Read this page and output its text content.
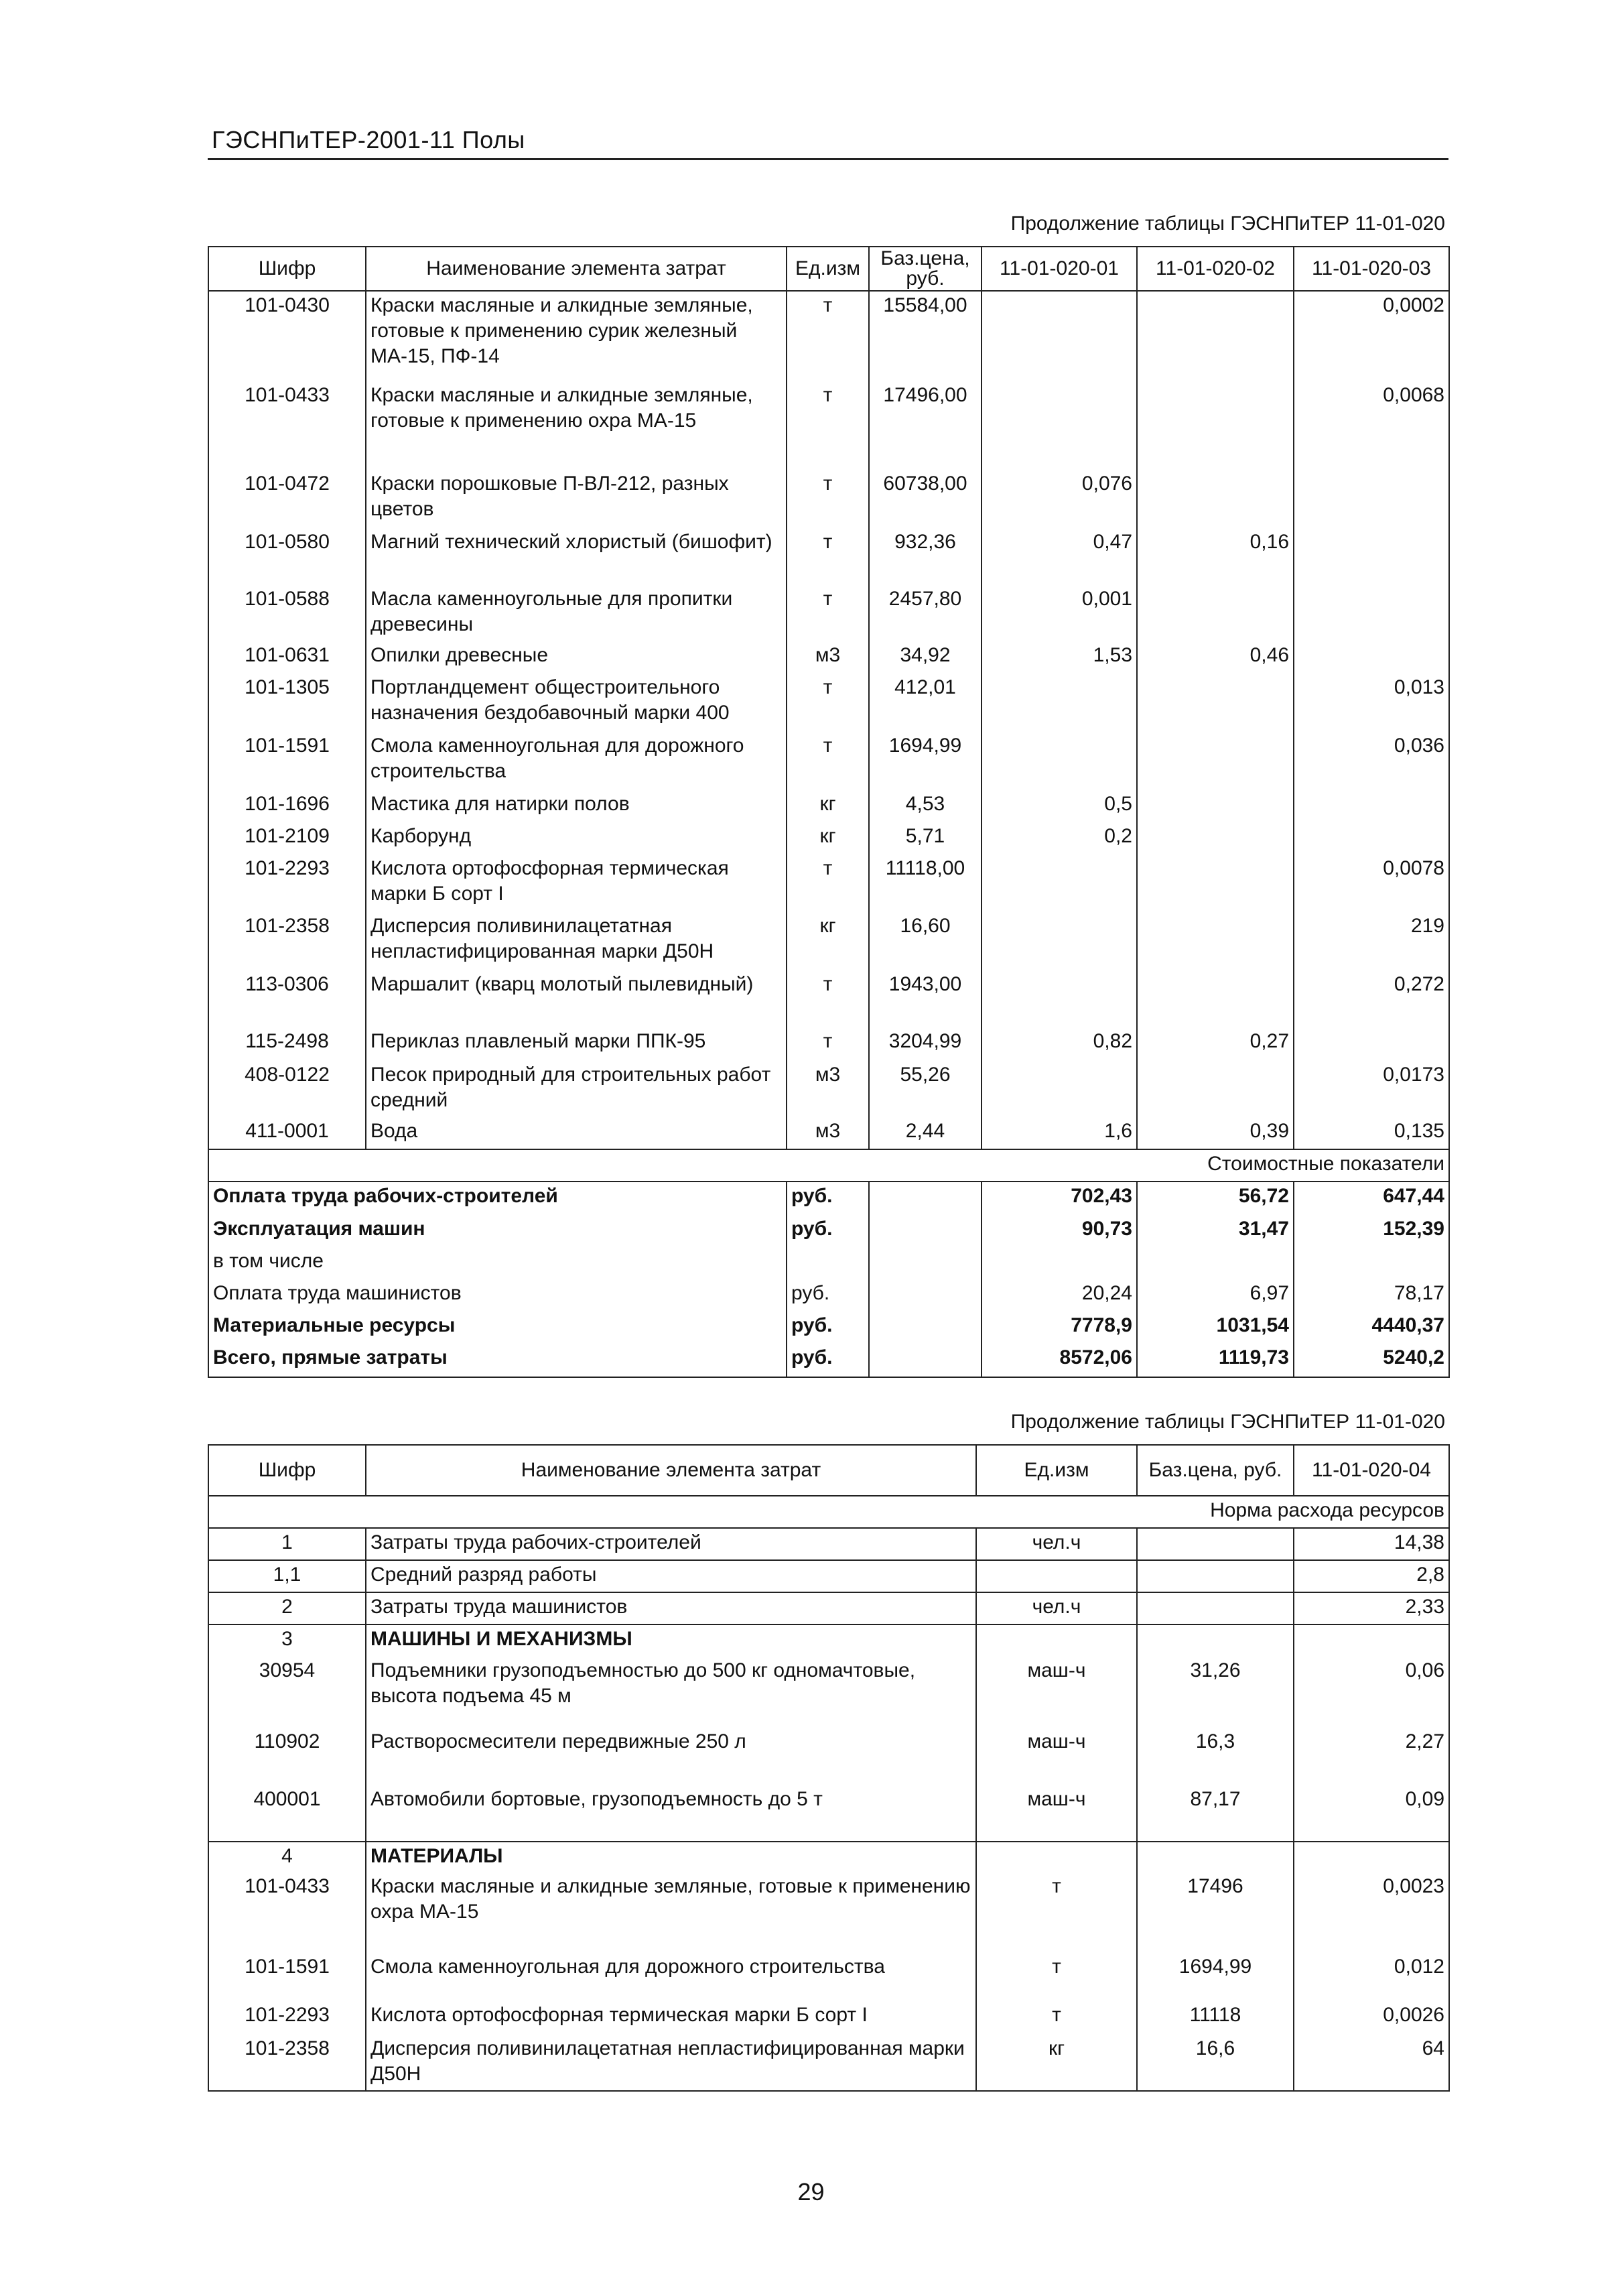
ГЭСНПиТЕР-2001-11 Полы
Продолжение таблицы ГЭСНПиТЕР 11-01-020
Шифр	Наименование элемента затрат	Ед.изм	Баз.цена, руб.	11-01-020-01	11-01-020-02	11-01-020-03
101-0430	Краски масляные и алкидные земляные, готовые к применению сурик железный МА-15, ПФ-14	т	15584,00			0,0002
101-0433	Краски масляные и алкидные земляные, готовые к применению охра МА-15	т	17496,00			0,0068
101-0472	Краски порошковые П-ВЛ-212, разных цветов	т	60738,00	0,076		
101-0580	Магний технический хлористый (бишофит)	т	932,36	0,47	0,16	
101-0588	Масла каменноугольные для пропитки древесины	т	2457,80	0,001		
101-0631	Опилки древесные	м3	34,92	1,53	0,46	
101-1305	Портландцемент общестроительного назначения бездобавочный марки 400	т	412,01			0,013
101-1591	Смола каменноугольная для дорожного строительства	т	1694,99			0,036
101-1696	Мастика для натирки полов	кг	4,53	0,5		
101-2109	Карборунд	кг	5,71	0,2		
101-2293	Кислота ортофосфорная термическая марки Б сорт I	т	11118,00			0,0078
101-2358	Дисперсия поливинилацетатная непластифицированная марки Д50Н	кг	16,60			219
113-0306	Маршалит (кварц молотый пылевидный)	т	1943,00			0,272
115-2498	Периклаз плавленый марки ППК-95	т	3204,99	0,82	0,27	
408-0122	Песок природный для строительных работ средний	м3	55,26			0,0173
411-0001	Вода	м3	2,44	1,6	0,39	0,135
Стоимостные показатели						
Оплата труда рабочих-строителей		руб.		702,43	56,72	647,44
Эксплуатация машин		руб.		90,73	31,47	152,39
в том числе						
Оплата труда машинистов		руб.		20,24	6,97	78,17
Материальные ресурсы		руб.		7778,9	1031,54	4440,37
Всего, прямые затраты		руб.		8572,06	1119,73	5240,2
Продолжение таблицы ГЭСНПиТЕР 11-01-020
Шифр	Наименование элемента затрат	Ед.изм	Баз.цена, руб.	11-01-020-04
Норма расхода ресурсов				
1	Затраты труда рабочих-строителей	чел.ч		14,38
1,1	Средний разряд работы			2,8
2	Затраты труда машинистов	чел.ч		2,33
3	МАШИНЫ И МЕХАНИЗМЫ			
30954	Подъемники грузоподъемностью до 500 кг одномачтовые, высота подъема 45 м	маш-ч	31,26	0,06
110902	Растворосмесители передвижные 250 л	маш-ч	16,3	2,27
400001	Автомобили бортовые, грузоподъемность до 5 т	маш-ч	87,17	0,09
4	МАТЕРИАЛЫ			
101-0433	Краски масляные и алкидные земляные, готовые к применению охра МА-15	т	17496	0,0023
101-1591	Смола каменноугольная для дорожного строительства	т	1694,99	0,012
101-2293	Кислота ортофосфорная термическая марки Б сорт I	т	11118	0,0026
101-2358	Дисперсия поливинилацетатная непластифицированная марки Д50Н	кг	16,6	64
29
